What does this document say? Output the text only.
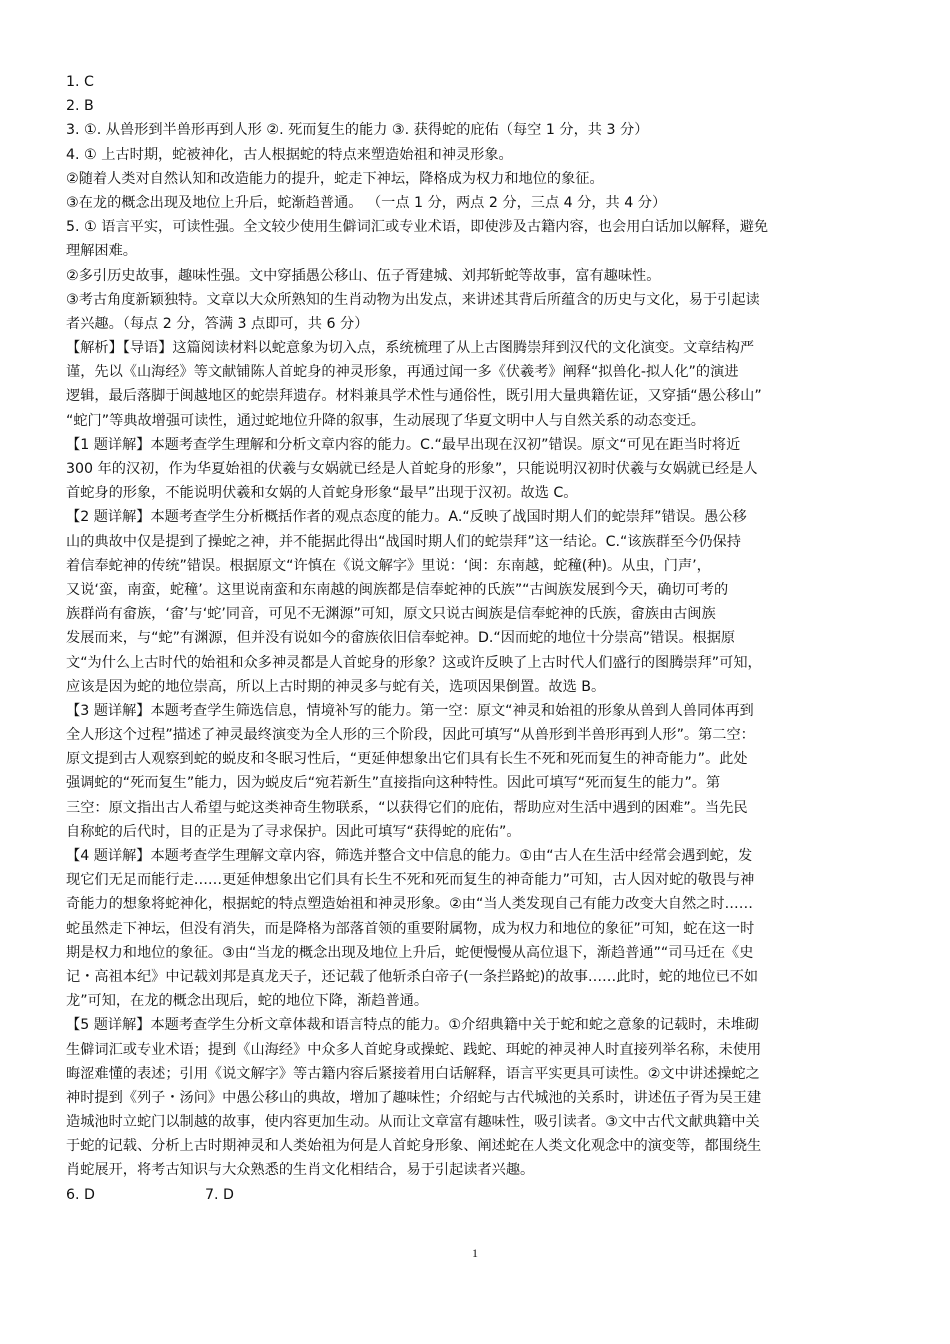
1. C
2. B
3. ①. 从兽形到半兽形再到人形 ②. 死而复生的能力 ③. 获得蛇的庇佑（每空 1 分，共 3 分）
4. ① 上古时期，蛇被神化，古人根据蛇的特点来塑造始祖和神灵形象。
②随着人类对自然认知和改造能力的提升，蛇走下神坛，降格成为权力和地位的象征。
③在龙的概念出现及地位上升后，蛇渐趋普通。 （一点 1 分，两点 2 分，三点 4 分，共 4 分）
5. ① 语言平实，可读性强。全文较少使用生僻词汇或专业术语，即使涉及古籍内容，也会用白话加以解释，避免
理解困难。
②多引历史故事，趣味性强。文中穿插愚公移山、伍子胥建城、刘邦斩蛇等故事，富有趣味性。
③考古角度新颖独特。文章以大众所熟知的生肖动物为出发点，来讲述其背后所蕴含的历史与文化，易于引起读
者兴趣。（每点 2 分，答满 3 点即可，共 6 分）
【解析】【导语】这篇阅读材料以蛇意象为切入点，系统梳理了从上古图腾崇拜到汉代的文化演变。文章结构严
谨，先以《山海经》等文献铺陈人首蛇身的神灵形象，再通过闻一多《伏羲考》阐释“拟兽化-拟人化”的演进
逻辑，最后落脚于闽越地区的蛇崇拜遗存。材料兼具学术性与通俗性，既引用大量典籍佐证，又穿插“愚公移山”
“蛇门”等典故增强可读性，通过蛇地位升降的叙事，生动展现了华夏文明中人与自然关系的动态变迁。
【1 题详解】本题考查学生理解和分析文章内容的能力。C.“最早出现在汉初”错误。原文“可见在距当时将近
300 年的汉初，作为华夏始祖的伏羲与女娲就已经是人首蛇身的形象”，只能说明汉初时伏羲与女娲就已经是人
首蛇身的形象，不能说明伏羲和女娲的人首蛇身形象“最早”出现于汉初。故选 C。
【2 题详解】本题考查学生分析概括作者的观点态度的能力。A.“反映了战国时期人们的蛇崇拜”错误。愚公移
山的典故中仅是提到了操蛇之神，并不能据此得出“战国时期人们的蛇崇拜”这一结论。C.“该族群至今仍保持
着信奉蛇神的传统”错误。根据原文“许慎在《说文解字》里说：‘闽：东南越，蛇穜(种)。从虫，门声’，
又说‘蛮，南蛮，蛇穜’。这里说南蛮和东南越的闽族都是信奉蛇神的氏族”“古闽族发展到今天，确切可考的
族群尚有畲族，‘畲’与‘蛇’同音，可见不无渊源”可知，原文只说古闽族是信奉蛇神的氏族，畲族由古闽族
发展而来，与“蛇”有渊源，但并没有说如今的畲族依旧信奉蛇神。D.“因而蛇的地位十分崇高”错误。根据原
文“为什么上古时代的始祖和众多神灵都是人首蛇身的形象？这或许反映了上古时代人们盛行的图腾崇拜”可知，
应该是因为蛇的地位崇高，所以上古时期的神灵多与蛇有关，选项因果倒置。故选 B。
【3 题详解】本题考查学生筛选信息，情境补写的能力。第一空：原文“神灵和始祖的形象从兽到人兽同体再到
全人形这个过程”描述了神灵最终演变为全人形的三个阶段，因此可填写“从兽形到半兽形再到人形”。第二空：
原文提到古人观察到蛇的蜕皮和冬眠习性后，“更延伸想象出它们具有长生不死和死而复生的神奇能力”。此处
强调蛇的“死而复生”能力，因为蜕皮后“宛若新生”直接指向这种特性。因此可填写“死而复生的能力”。第
三空：原文指出古人希望与蛇这类神奇生物联系，“以获得它们的庇佑，帮助应对生活中遇到的困难”。当先民
自称蛇的后代时，目的正是为了寻求保护。因此可填写“获得蛇的庇佑”。
【4 题详解】本题考查学生理解文章内容，筛选并整合文中信息的能力。①由“古人在生活中经常会遇到蛇，发
现它们无足而能行走……更延伸想象出它们具有长生不死和死而复生的神奇能力”可知，古人因对蛇的敬畏与神
奇能力的想象将蛇神化，根据蛇的特点塑造始祖和神灵形象。②由“当人类发现自己有能力改变大自然之时……
蛇虽然走下神坛，但没有消失，而是降格为部落首领的重要附属物，成为权力和地位的象征”可知，蛇在这一时
期是权力和地位的象征。③由“当龙的概念出现及地位上升后，蛇便慢慢从高位退下，渐趋普通”“司马迁在《史
记・高祖本纪》中记载刘邦是真龙天子，还记载了他斩杀白帝子(一条拦路蛇)的故事……此时，蛇的地位已不如
龙”可知，在龙的概念出现后，蛇的地位下降，渐趋普通。
【5 题详解】本题考查学生分析文章体裁和语言特点的能力。①介绍典籍中关于蛇和蛇之意象的记载时，未堆砌
生僻词汇或专业术语；提到《山海经》中众多人首蛇身或操蛇、践蛇、珥蛇的神灵神人时直接列举名称，未使用
晦涩难懂的表述；引用《说文解字》等古籍内容后紧接着用白话解释，语言平实更具可读性。②文中讲述操蛇之
神时提到《列子・汤问》中愚公移山的典故，增加了趣味性；介绍蛇与古代城池的关系时，讲述伍子胥为吴王建
造城池时立蛇门以制越的故事，使内容更加生动。从而让文章富有趣味性，吸引读者。③文中古代文献典籍中关
于蛇的记载、分析上古时期神灵和人类始祖为何是人首蛇身形象、阐述蛇在人类文化观念中的演变等，都围绕生
肖蛇展开，将考古知识与大众熟悉的生肖文化相结合，易于引起读者兴趣。
6. D	7. D
1
